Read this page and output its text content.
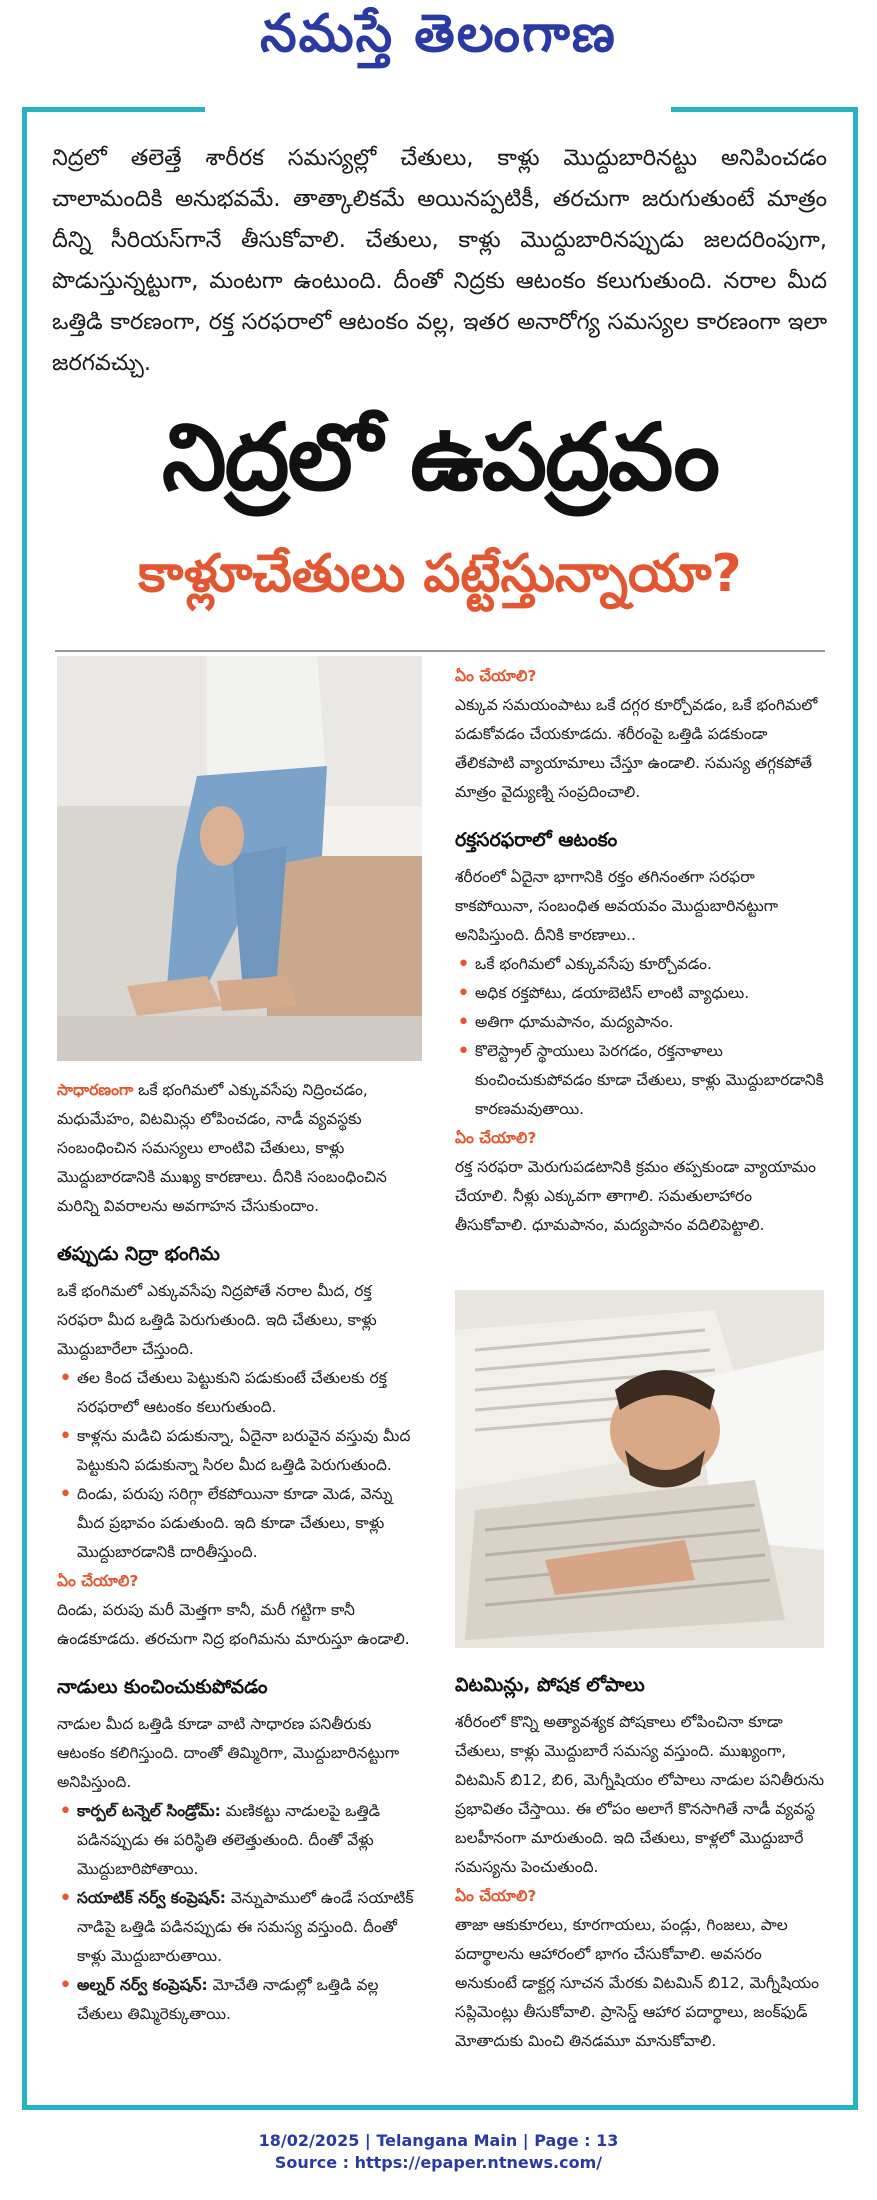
నమస్తే తెలంగాణ

నిద్రలో తలెత్తే శారీరక సమస్యల్లో చేతులు, కాళ్లు మొద్దుబారినట్టు అనిపించడం చాలామందికి అనుభవమే. తాత్కాలికమే అయినప్పటికీ, తరచుగా జరుగుతుంటే మాత్రం దీన్ని సీరియస్‌గానే తీసుకోవాలి. చేతులు, కాళ్లు మొద్దుబారినప్పుడు జలదరింపుగా, పొడుస్తున్నట్టుగా, మంటగా ఉంటుంది. దీంతో నిద్రకు ఆటంకం కలుగుతుంది. నరాల మీద ఒత్తిడి కారణంగా, రక్త సరఫరాలో ఆటంకం వల్ల, ఇతర అనారోగ్య సమస్యల కారణంగా ఇలా జరగవచ్చు.

నిద్రలో ఉపద్రవం
కాళ్లూచేతులు పట్టేస్తున్నాయా?

సాధారణంగా ఒకే భంగిమలో ఎక్కువసేపు నిద్రించడం, మధుమేహం, విటమిన్లు లోపించడం, నాడీ వ్యవస్థకు సంబంధించిన సమస్యలు లాంటివి చేతులు, కాళ్లు మొద్దుబారడానికి ముఖ్య కారణాలు. దీనికి సంబంధించిన మరిన్ని వివరాలను అవగాహన చేసుకుందాం.

తప్పుడు నిద్రా భంగిమ

ఒకే భంగిమలో ఎక్కువసేపు నిద్రపోతే నరాల మీద, రక్త సరఫరా మీద ఒత్తిడి పెరుగుతుంది. ఇది చేతులు, కాళ్లు మొద్దుబారేలా చేస్తుంది.

• తల కింద చేతులు పెట్టుకుని పడుకుంటే చేతులకు రక్త సరఫరాలో ఆటంకం కలుగుతుంది.
• కాళ్లను మడిచి పడుకున్నా, ఏదైనా బరువైన వస్తువు మీద పెట్టుకుని పడుకున్నా సిరల మీద ఒత్తిడి పెరుగుతుంది.
• దిండు, పరుపు సరిగ్గా లేకపోయినా కూడా మెడ, వెన్ను మీద ప్రభావం పడుతుంది. ఇది కూడా చేతులు, కాళ్లు మొద్దుబారడానికి దారితీస్తుంది.
ఏం చేయాలి?

దిండు, పరుపు మరీ మెత్తగా కానీ, మరీ గట్టిగా కానీ ఉండకూడదు. తరచుగా నిద్ర భంగిమను మారుస్తూ ఉండాలి.

నాడులు కుంచించుకుపోవడం

నాడుల మీద ఒత్తిడి కూడా వాటి సాధారణ పనితీరుకు ఆటంకం కలిగిస్తుంది. దాంతో తిమ్మిరిగా, మొద్దుబారినట్టుగా అనిపిస్తుంది.

• కార్పల్ టన్నెల్ సిండ్రోమ్: మణికట్టు నాడులపై ఒత్తిడి పడినప్పుడు ఈ పరిస్థితి తలెత్తుతుంది. దీంతో వేళ్లు మొద్దుబారిపోతాయి.
• సయాటిక్ నర్వ్ కంప్రెషన్: వెన్నుపాములో ఉండే సయాటిక్ నాడిపై ఒత్తిడి పడినప్పుడు ఈ సమస్య వస్తుంది. దీంతో కాళ్లు మొద్దుబారుతాయి.
• అల్నర్ నర్వ్ కంప్రెషన్: మోచేతి నాడుల్లో ఒత్తిడి వల్ల చేతులు తిమ్మిరెక్కుతాయి.
ఏం చేయాలి?

ఎక్కువ సమయంపాటు ఒకే దగ్గర కూర్చోవడం, ఒకే భంగిమలో పడుకోవడం చేయకూడదు. శరీరంపై ఒత్తిడి పడకుండా తేలికపాటి వ్యాయామాలు చేస్తూ ఉండాలి. సమస్య తగ్గకపోతే మాత్రం వైద్యుణ్ని సంప్రదించాలి.

రక్తసరఫరాలో ఆటంకం

శరీరంలో ఏదైనా భాగానికి రక్తం తగినంతగా సరఫరా కాకపోయినా, సంబంధిత అవయవం మొద్దుబారినట్టుగా అనిపిస్తుంది. దీనికి కారణాలు..

• ఒకే భంగిమలో ఎక్కువసేపు కూర్చోవడం.
• అధిక రక్తపోటు, డయాబెటిస్ లాంటి వ్యాధులు.
• అతిగా ధూమపానం, మద్యపానం.
• కొలెస్ట్రాల్ స్థాయులు పెరగడం, రక్తనాళాలు కుంచించుకుపోవడం కూడా చేతులు, కాళ్లు మొద్దుబారడానికి కారణమవుతాయి.
ఏం చేయాలి?

రక్త సరఫరా మెరుగుపడటానికి క్రమం తప్పకుండా వ్యాయామం చేయాలి. నీళ్లు ఎక్కువగా తాగాలి. సమతులాహారం తీసుకోవాలి. ధూమపానం, మద్యపానం వదిలిపెట్టాలి.

విటమిన్లు, పోషక లోపాలు

శరీరంలో కొన్ని అత్యావశ్యక పోషకాలు లోపించినా కూడా చేతులు, కాళ్లు మొద్దుబారే సమస్య వస్తుంది. ముఖ్యంగా, విటమిన్ బి12, బి6, మెగ్నీషియం లోపాలు నాడుల పనితీరును ప్రభావితం చేస్తాయి. ఈ లోపం అలాగే కొనసాగితే నాడీ వ్యవస్థ బలహీనంగా మారుతుంది. ఇది చేతులు, కాళ్లలో మొద్దుబారే సమస్యను పెంచుతుంది.

ఏం చేయాలి?

తాజా ఆకుకూరలు, కూరగాయలు, పండ్లు, గింజలు, పాల పదార్థాలను ఆహారంలో భాగం చేసుకోవాలి. అవసరం అనుకుంటే డాక్టర్ల సూచన మేరకు విటమిన్ బి12, మెగ్నీషియం సప్లిమెంట్లు తీసుకోవాలి. ప్రాసెస్డ్ ఆహార పదార్థాలు, జంక్‌ఫుడ్ మోతాదుకు మించి తినడమూ మానుకోవాలి.

18/02/2025 | Telangana Main | Page : 13
Source : https://epaper.ntnews.com/
